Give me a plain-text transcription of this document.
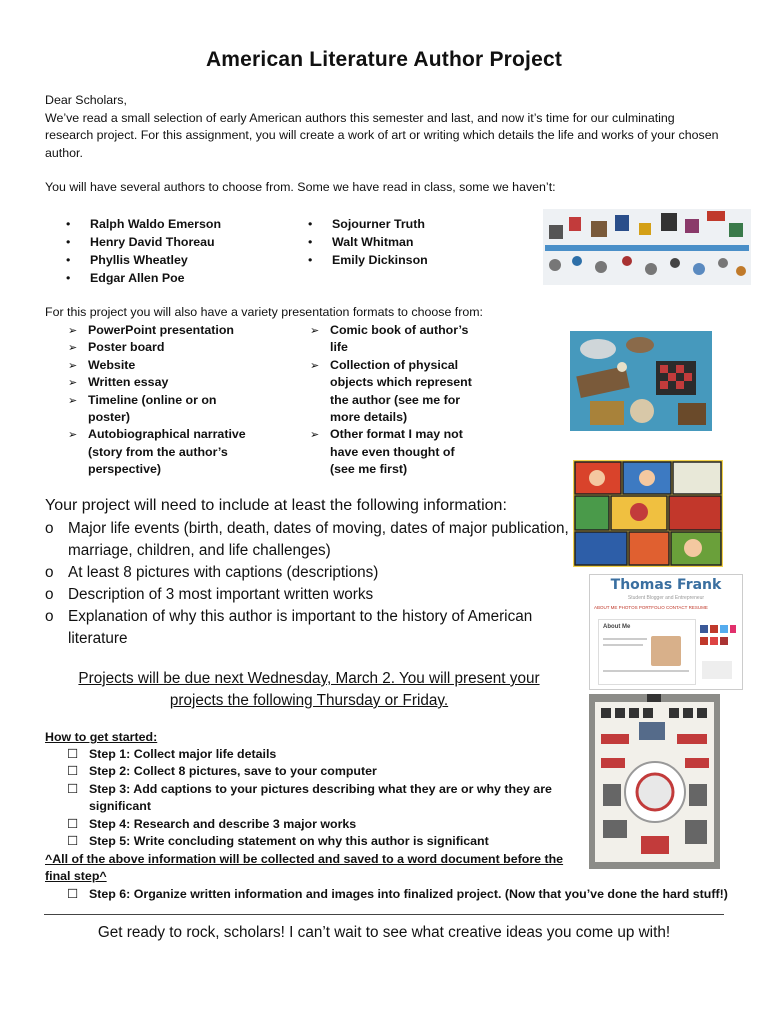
American Literature Author Project
Dear Scholars,
We’ve read a small selection of early American authors this semester and last, and now it’s time for our culminating research project. For this assignment, you will create a work of art or writing which details the life and works of your chosen author.
You will have several authors to choose from. Some we have read in class, some we haven’t:
• Ralph Waldo Emerson
• Henry David Thoreau
• Phyllis Wheatley
• Edgar Allen Poe
• Sojourner Truth
• Walt Whitman
• Emily Dickinson
For this project you will also have a variety presentation formats to choose from:
➢ PowerPoint presentation
➢ Poster board
➢ Website
➢ Written essay
➢ Timeline (online or on poster)
➢ Autobiographical narrative (story from the author’s perspective)
➢ Comic book of author’s life
➢ Collection of physical objects which represent the author (see me for more details)
➢ Other format I may not have even thought of (see me first)
Your project will need to include at least the following information:
o Major life events (birth, death, dates of moving, dates of major publication, marriage, children, and life challenges)
o At least 8 pictures with captions (descriptions)
o Description of 3 most important written works
o Explanation of why this author is important to the history of American literature
Thomas Frank
Student Blogger and Entrepreneur
ABOUT ME PHOTOS PORTFOLIO CONTACT RESUME
About Me
Projects will be due next Wednesday, March 2. You will present your
projects the following Thursday or Friday.
How to get started:
☐ Step 1: Collect major life details
☐ Step 2: Collect 8 pictures, save to your computer
☐ Step 3: Add captions to your pictures describing what they are or why they are significant
☐ Step 4: Research and describe 3 major works
☐ Step 5: Write concluding statement on why this author is significant
^All of the above information will be collected and saved to a word document before the final step^
☐ Step 6: Organize written information and images into finalized project. (Now that you’ve done the hard stuff!)
Get ready to rock, scholars! I can’t wait to see what creative ideas you come up with!
